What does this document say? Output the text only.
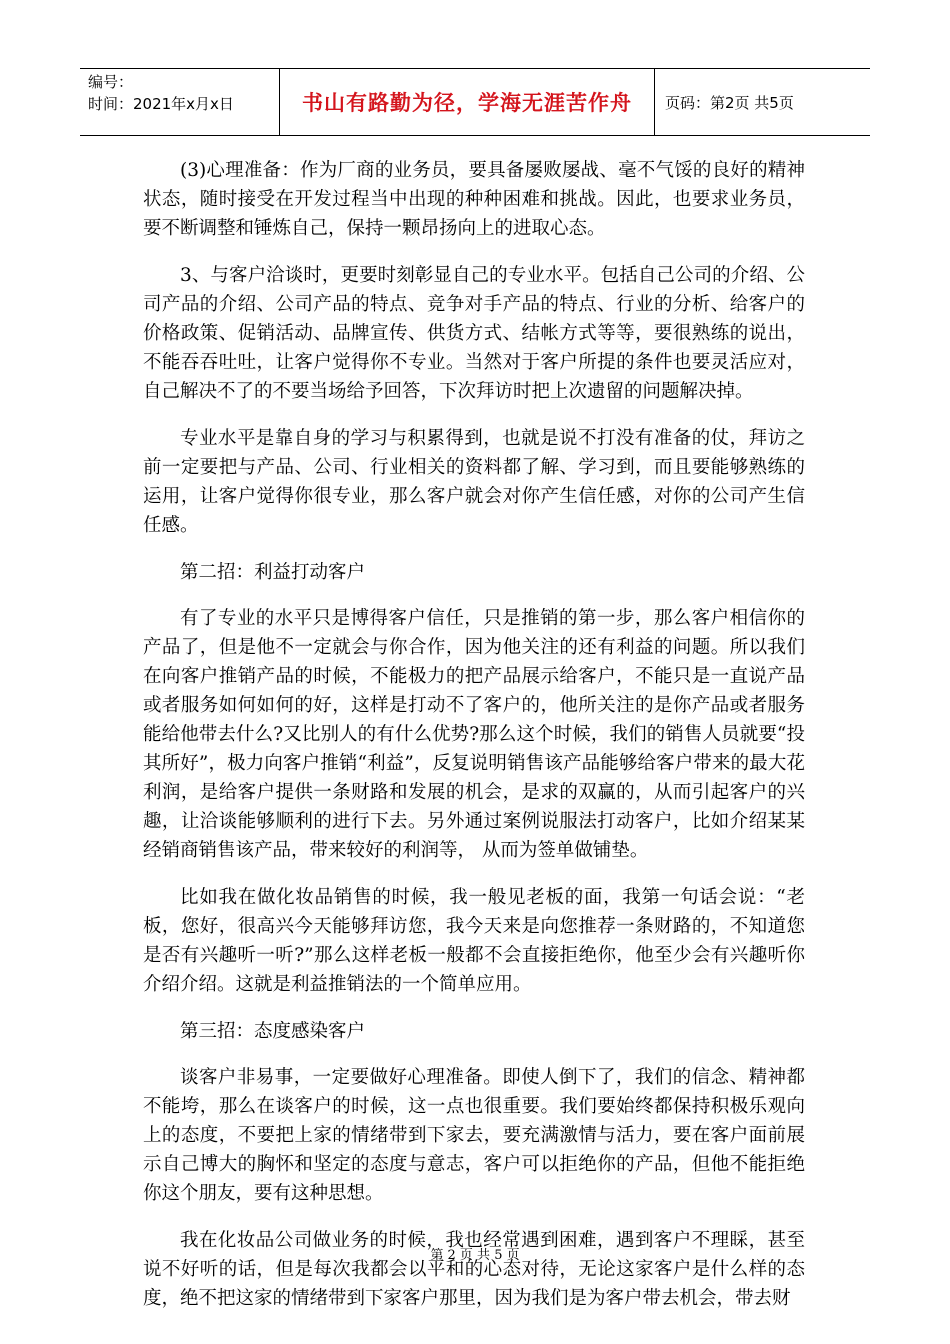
编号：
时间：2021年x月x日	书山有路勤为径，学海无涯苦作舟	页码：第2页 共5页

(3)心理准备：作为厂商的业务员，要具备屡败屡战、毫不气馁的良好的精神状态，随时接受在开发过程当中出现的种种困难和挑战。因此，也要求业务员，要不断调整和锤炼自己，保持一颗昂扬向上的进取心态。

3、与客户洽谈时，更要时刻彰显自己的专业水平。包括自己公司的介绍、公司产品的介绍、公司产品的特点、竞争对手产品的特点、行业的分析、给客户的价格政策、促销活动、品牌宣传、供货方式、结帐方式等等，要很熟练的说出，不能吞吞吐吐，让客户觉得你不专业。当然对于客户所提的条件也要灵活应对，自己解决不了的不要当场给予回答，下次拜访时把上次遗留的问题解决掉。

专业水平是靠自身的学习与积累得到，也就是说不打没有准备的仗，拜访之前一定要把与产品、公司、行业相关的资料都了解、学习到，而且要能够熟练的运用，让客户觉得你很专业，那么客户就会对你产生信任感，对你的公司产生信任感。

第二招：利益打动客户

有了专业的水平只是博得客户信任，只是推销的第一步，那么客户相信你的产品了，但是他不一定就会与你合作，因为他关注的还有利益的问题。所以我们在向客户推销产品的时候，不能极力的把产品展示给客户，不能只是一直说产品或者服务如何如何的好，这样是打动不了客户的，他所关注的是你产品或者服务能给他带去什么?又比别人的有什么优势?那么这个时候，我们的销售人员就要“投其所好”，极力向客户推销“利益”，反复说明销售该产品能够给客户带来的最大花利润，是给客户提供一条财路和发展的机会，是求的双赢的，从而引起客户的兴趣，让洽谈能够顺利的进行下去。另外通过案例说服法打动客户，比如介绍某某经销商销售该产品，带来较好的利润等， 从而为签单做铺垫。

比如我在做化妆品销售的时候，我一般见老板的面，我第一句话会说：“老板，您好，很高兴今天能够拜访您，我今天来是向您推荐一条财路的，不知道您是否有兴趣听一听?”那么这样老板一般都不会直接拒绝你，他至少会有兴趣听你介绍介绍。这就是利益推销法的一个简单应用。

第三招：态度感染客户

谈客户非易事，一定要做好心理准备。即使人倒下了，我们的信念、精神都不能垮，那么在谈客户的时候，这一点也很重要。我们要始终都保持积极乐观向上的态度，不要把上家的情绪带到下家去，要充满激情与活力，要在客户面前展示自己博大的胸怀和坚定的态度与意志，客户可以拒绝你的产品，但他不能拒绝你这个朋友，要有这种思想。

我在化妆品公司做业务的时候，我也经常遇到困难，遇到客户不理睬，甚至说不好听的话，但是每次我都会以平和的心态对待，无论这家客户是什么样的态度，绝不把这家的情绪带到下家客户那里，因为我们是为客户带去机会，带去财

第 2 页 共 5 页
